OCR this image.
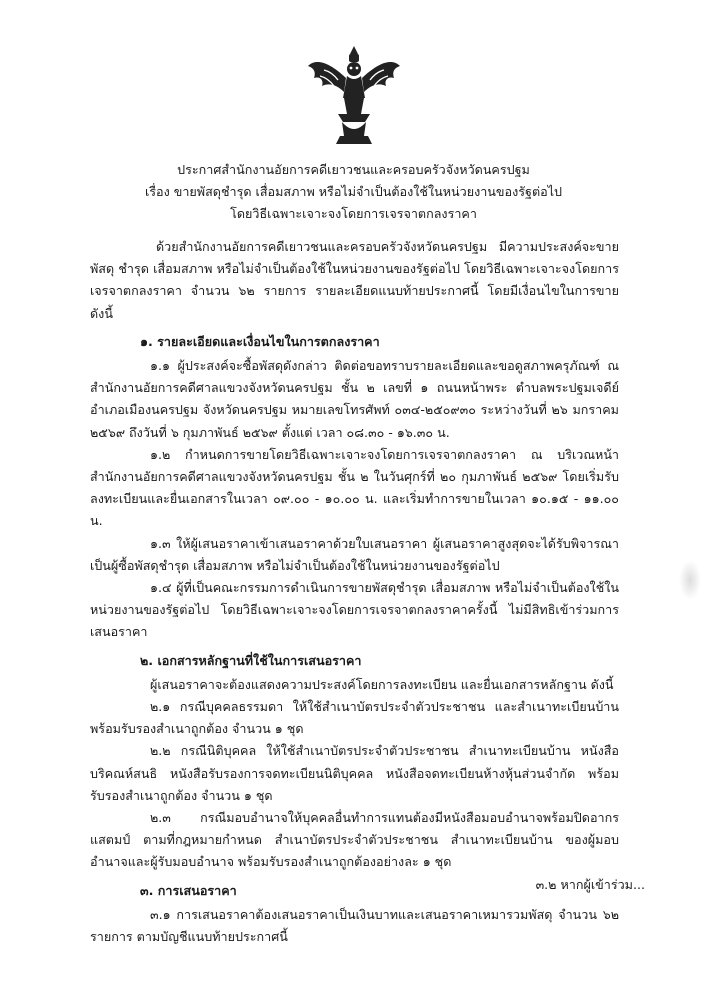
ประกาศสำนักงานอัยการคดีเยาวชนและครอบครัวจังหวัดนครปฐม
เรื่อง ขายพัสดุชำรุด เสื่อมสภาพ หรือไม่จำเป็นต้องใช้ในหน่วยงานของรัฐต่อไป
โดยวิธีเฉพาะเจาะจงโดยการเจรจาตกลงราคา

ด้วยสำนักงานอัยการคดีเยาวชนและครอบครัวจังหวัดนครปฐม มีความประสงค์จะขายพัสดุ ชำรุด เสื่อมสภาพ หรือไม่จำเป็นต้องใช้ในหน่วยงานของรัฐต่อไป โดยวิธีเฉพาะเจาะจงโดยการเจรจาตกลงราคา จำนวน ๖๒ รายการ รายละเอียดแนบท้ายประกาศนี้ โดยมีเงื่อนไขในการขาย ดังนี้

๑. รายละเอียดและเงื่อนไขในการตกลงราคา

๑.๑ ผู้ประสงค์จะซื้อพัสดุดังกล่าว ติดต่อขอทราบรายละเอียดและขอดูสภาพครุภัณฑ์ ณ สำนักงานอัยการคดีศาลแขวงจังหวัดนครปฐม ชั้น ๒ เลขที่ ๑ ถนนหน้าพระ ตำบลพระปฐมเจดีย์ อำเภอเมืองนครปฐม จังหวัดนครปฐม หมายเลขโทรศัพท์ ๐๓๔-๒๕๐๙๓๐ ระหว่างวันที่ ๒๖ มกราคม ๒๕๖๙ ถึงวันที่ ๖ กุมภาพันธ์ ๒๕๖๙ ตั้งแต่ เวลา ๐๘.๓๐ - ๑๖.๓๐ น.

๑.๒ กำหนดการขายโดยวิธีเฉพาะเจาะจงโดยการเจรจาตกลงราคา ณ บริเวณหน้าสำนักงานอัยการคดีศาลแขวงจังหวัดนครปฐม ชั้น ๒ ในวันศุกร์ที่ ๒๐ กุมภาพันธ์ ๒๕๖๙ โดยเริ่มรับลงทะเบียนและยื่นเอกสารในเวลา ๐๙.๐๐ - ๑๐.๐๐ น. และเริ่มทำการขายในเวลา ๑๐.๑๕ - ๑๑.๐๐ น.

๑.๓ ให้ผู้เสนอราคาเข้าเสนอราคาด้วยใบเสนอราคา ผู้เสนอราคาสูงสุดจะได้รับพิจารณาเป็นผู้ซื้อพัสดุชำรุด เสื่อมสภาพ หรือไม่จำเป็นต้องใช้ในหน่วยงานของรัฐต่อไป

๑.๔ ผู้ที่เป็นคณะกรรมการดำเนินการขายพัสดุชำรุด เสื่อมสภาพ หรือไม่จำเป็นต้องใช้ในหน่วยงานของรัฐต่อไป โดยวิธีเฉพาะเจาะจงโดยการเจรจาตกลงราคาครั้งนี้ ไม่มีสิทธิเข้าร่วมการเสนอราคา

๒. เอกสารหลักฐานที่ใช้ในการเสนอราคา

ผู้เสนอราคาจะต้องแสดงความประสงค์โดยการลงทะเบียน และยื่นเอกสารหลักฐาน ดังนี้

๒.๑ กรณีบุคคลธรรมดา ให้ใช้สำเนาบัตรประจำตัวประชาชน และสำเนาทะเบียนบ้าน พร้อมรับรองสำเนาถูกต้อง จำนวน ๑ ชุด

๒.๒ กรณีนิติบุคคล ให้ใช้สำเนาบัตรประจำตัวประชาชน สำเนาทะเบียนบ้าน หนังสือบริคณห์สนธิ หนังสือรับรองการจดทะเบียนนิติบุคคล หนังสือจดทะเบียนห้างหุ้นส่วนจำกัด พร้อมรับรองสำเนาถูกต้อง จำนวน ๑ ชุด

๒.๓ กรณีมอบอำนาจให้บุคคลอื่นทำการแทนต้องมีหนังสือมอบอำนาจพร้อมปิดอากรแสตมป์ ตามที่กฎหมายกำหนด สำเนาบัตรประจำตัวประชาชน สำเนาทะเบียนบ้าน ของผู้มอบอำนาจและผู้รับมอบอำนาจ พร้อมรับรองสำเนาถูกต้องอย่างละ ๑ ชุด

๓. การเสนอราคา

๓.๑ การเสนอราคาต้องเสนอราคาเป็นเงินบาทและเสนอราคาเหมารวมพัสดุ จำนวน ๖๒ รายการ ตามบัญชีแนบท้ายประกาศนี้

๓.๒ หากผู้เข้าร่วม...
